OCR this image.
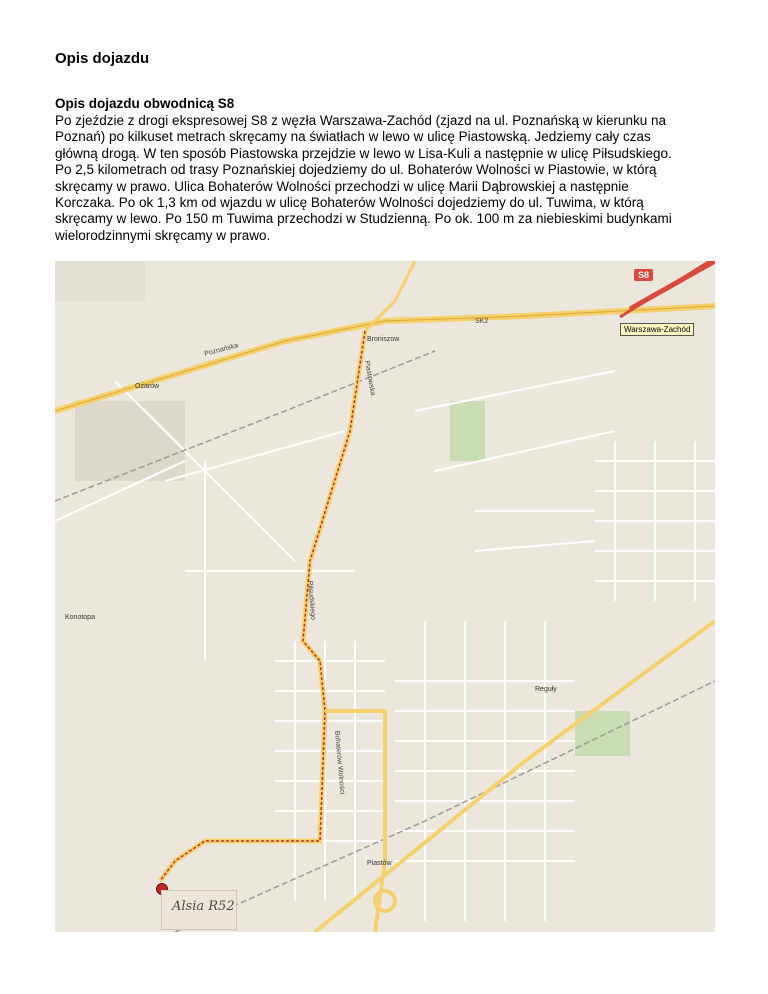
Opis dojazdu
Opis dojazdu obwodnicą S8
Po zjeździe z drogi ekspresowej S8 z węzła Warszawa-Zachód (zjazd na ul. Poznańską w kierunku na
Poznań) po kilkuset metrach skręcamy na światłach w lewo w ulicę Piastowską. Jedziemy cały czas
główną drogą. W ten sposób Piastowska przejdzie w lewo w Lisa-Kuli a następnie w ulicę Piłsudskiego.
Po 2,5 kilometrach od trasy Poznańskiej dojedziemy do ul. Bohaterów Wolności w Piastowie, w którą
skręcamy w prawo. Ulica Bohaterów Wolności przechodzi w ulicę Marii Dąbrowskiej a następnie
Korczaka. Po ok 1,3 km od wjazdu w ulicę Bohaterów Wolności dojedziemy do ul. Tuwima, w którą
skręcamy w lewo. Po 150 m Tuwima przechodzi w Studzienną. Po ok. 100 m za niebieskimi budynkami
wielorodzinnymi skręcamy w prawo.
Poznańska
SK2
Piastowska
Piłsudskiego
Piastów
Broniszow
Konotopa
Ożarów
Reguły
Bohaterów Wolności
S8
Warszawa-Zachód
Alsia R52
